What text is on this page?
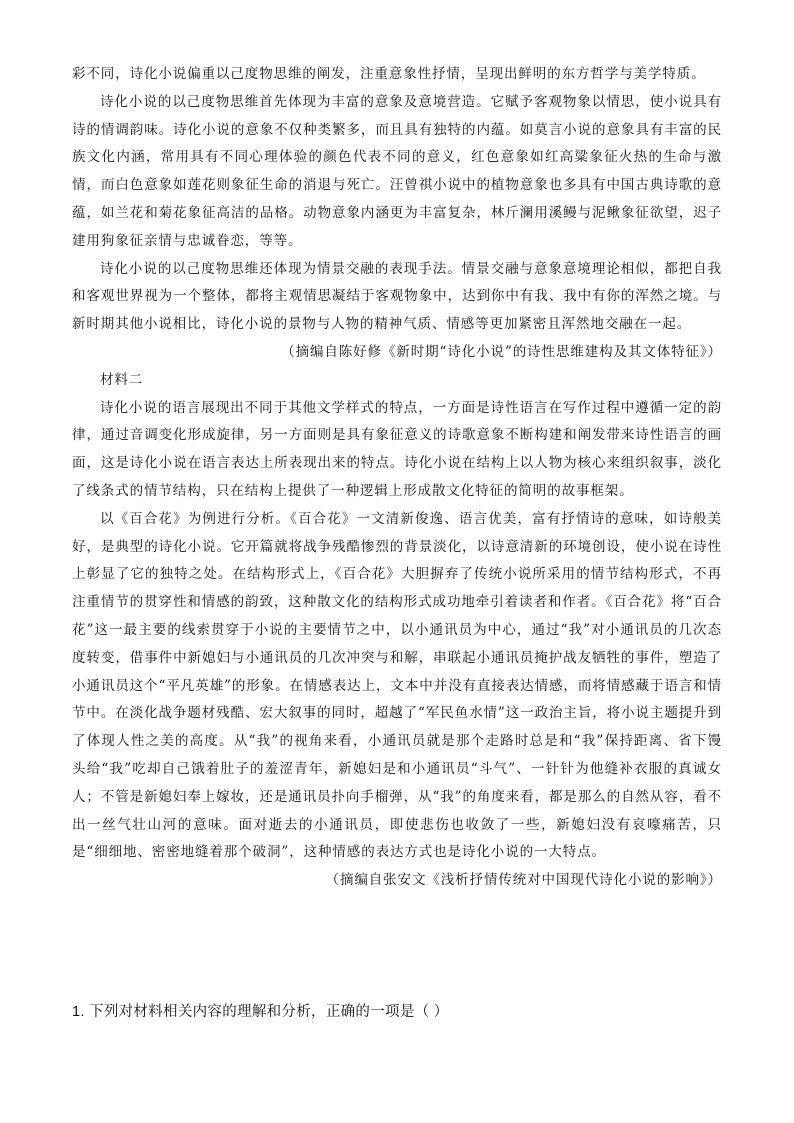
彩不同，诗化小说偏重以己度物思维的阐发，注重意象性抒情，呈现出鲜明的东方哲学与美学特质。

诗化小说的以己度物思维首先体现为丰富的意象及意境营造。它赋予客观物象以情思，使小说具有诗的情调韵味。诗化小说的意象不仅种类繁多，而且具有独特的内蕴。如莫言小说的意象具有丰富的民族文化内涵，常用具有不同心理体验的颜色代表不同的意义，红色意象如红高粱象征火热的生命与激情，而白色意象如莲花则象征生命的消退与死亡。汪曾祺小说中的植物意象也多具有中国古典诗歌的意蕴，如兰花和菊花象征高洁的品格。动物意象内涵更为丰富复杂，林斤澜用溪鳗与泥鳅象征欲望，迟子建用狗象征亲情与忠诚眷恋，等等。

诗化小说的以己度物思维还体现为情景交融的表现手法。情景交融与意象意境理论相似，都把自我和客观世界视为一个整体，都将主观情思凝结于客观物象中，达到你中有我、我中有你的浑然之境。与新时期其他小说相比，诗化小说的景物与人物的精神气质、情感等更加紧密且浑然地交融在一起。

（摘编自陈好修《新时期“诗化小说”的诗性思维建构及其文体特征》）

材料二

诗化小说的语言展现出不同于其他文学样式的特点，一方面是诗性语言在写作过程中遵循一定的韵律，通过音调变化形成旋律，另一方面则是具有象征意义的诗歌意象不断构建和阐发带来诗性语言的画面，这是诗化小说在语言表达上所表现出来的特点。诗化小说在结构上以人物为核心来组织叙事，淡化了线条式的情节结构，只在结构上提供了一种逻辑上形成散文化特征的简明的故事框架。

以《百合花》为例进行分析。《百合花》一文清新俊逸、语言优美，富有抒情诗的意味，如诗般美好，是典型的诗化小说。它开篇就将战争残酷惨烈的背景淡化，以诗意清新的环境创设，使小说在诗性上彰显了它的独特之处。在结构形式上，《百合花》大胆摒弃了传统小说所采用的情节结构形式，不再注重情节的贯穿性和情感的韵致，这种散文化的结构形式成功地牵引着读者和作者。《百合花》将“百合花”这一最主要的线索贯穿于小说的主要情节之中，以小通讯员为中心，通过“我”对小通讯员的几次态度转变，借事件中新媳妇与小通讯员的几次冲突与和解，串联起小通讯员掩护战友牺牲的事件，塑造了小通讯员这个“平凡英雄”的形象。在情感表达上，文本中并没有直接表达情感，而将情感藏于语言和情节中。在淡化战争题材残酷、宏大叙事的同时，超越了“军民鱼水情”这一政治主旨，将小说主题提升到了体现人性之美的高度。从“我”的视角来看，小通讯员就是那个走路时总是和“我”保持距离、省下馒头给“我”吃却自己饿着肚子的羞涩青年，新媳妇是和小通讯员“斗气”、一针针为他缝补衣服的真诚女人；不管是新媳妇奉上嫁妆，还是通讯员扑向手榴弹，从“我”的角度来看，都是那么的自然从容，看不出一丝气壮山河的意味。面对逝去的小通讯员，即使悲伤也收敛了一些，新媳妇没有哀嚎痛苦，只是“细细地、密密地缝着那个破洞”，这种情感的表达方式也是诗化小说的一大特点。

（摘编自张安文《浅析抒情传统对中国现代诗化小说的影响》）

1. 下列对材料相关内容的理解和分析，正确的一项是（ ）
